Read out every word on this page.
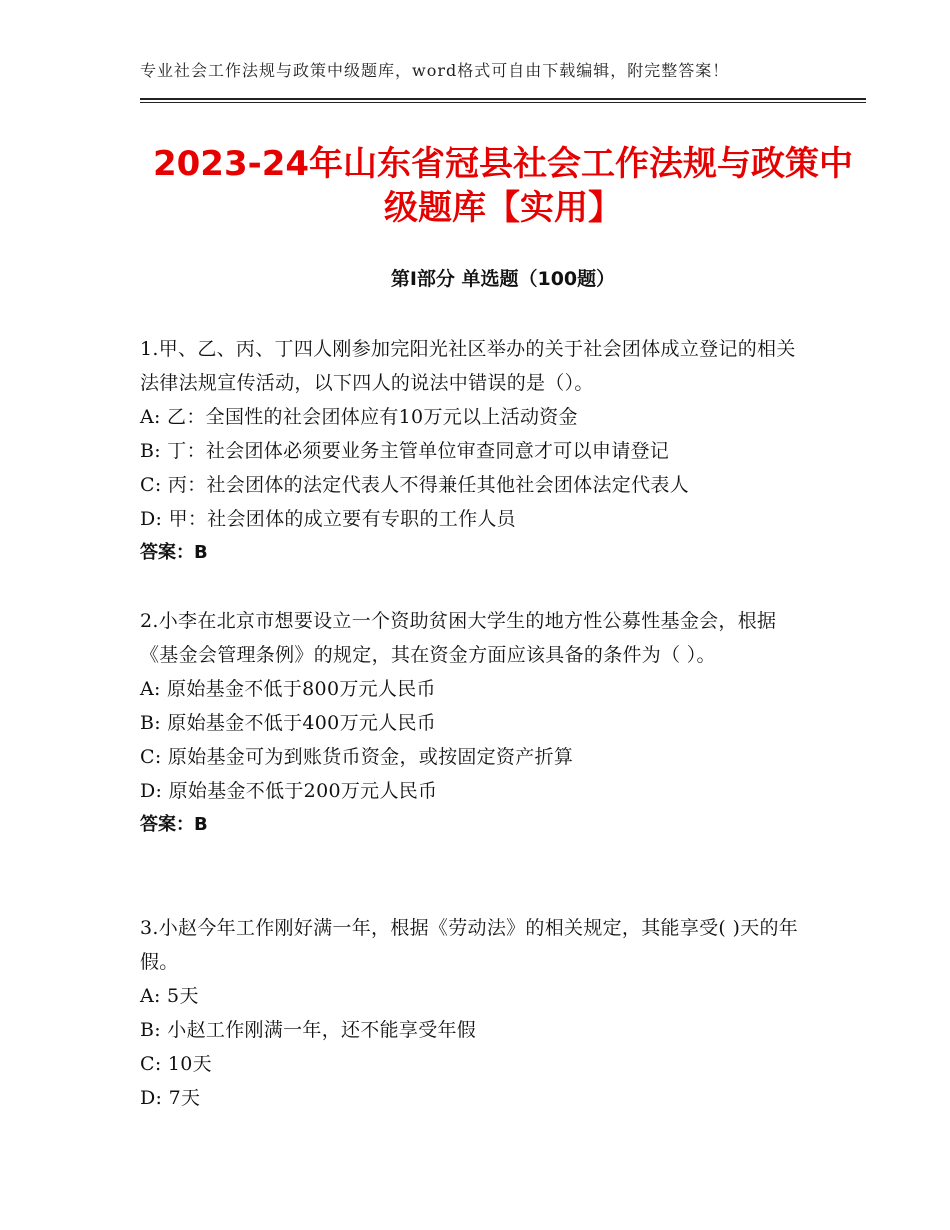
专业社会工作法规与政策中级题库，word格式可自由下载编辑，附完整答案！
2023-24年山东省冠县社会工作法规与政策中级题库【实用】
第Ⅰ部分 单选题（100题）
1.甲、乙、丙、丁四人刚参加完阳光社区举办的关于社会团体成立登记的相关法律法规宣传活动，以下四人的说法中错误的是（）。
A: 乙：全国性的社会团体应有10万元以上活动资金
B: 丁：社会团体必须要业务主管单位审查同意才可以申请登记
C: 丙：社会团体的法定代表人不得兼任其他社会团体法定代表人
D: 甲：社会团体的成立要有专职的工作人员
答案：B
2.小李在北京市想要设立一个资助贫困大学生的地方性公募性基金会，根据《基金会管理条例》的规定，其在资金方面应该具备的条件为（ ）。
A: 原始基金不低于800万元人民币
B: 原始基金不低于400万元人民币
C: 原始基金可为到账货币资金，或按固定资产折算
D: 原始基金不低于200万元人民币
答案：B
3.小赵今年工作刚好满一年，根据《劳动法》的相关规定，其能享受( )天的年假。
A: 5天
B: 小赵工作刚满一年，还不能享受年假
C: 10天
D: 7天
